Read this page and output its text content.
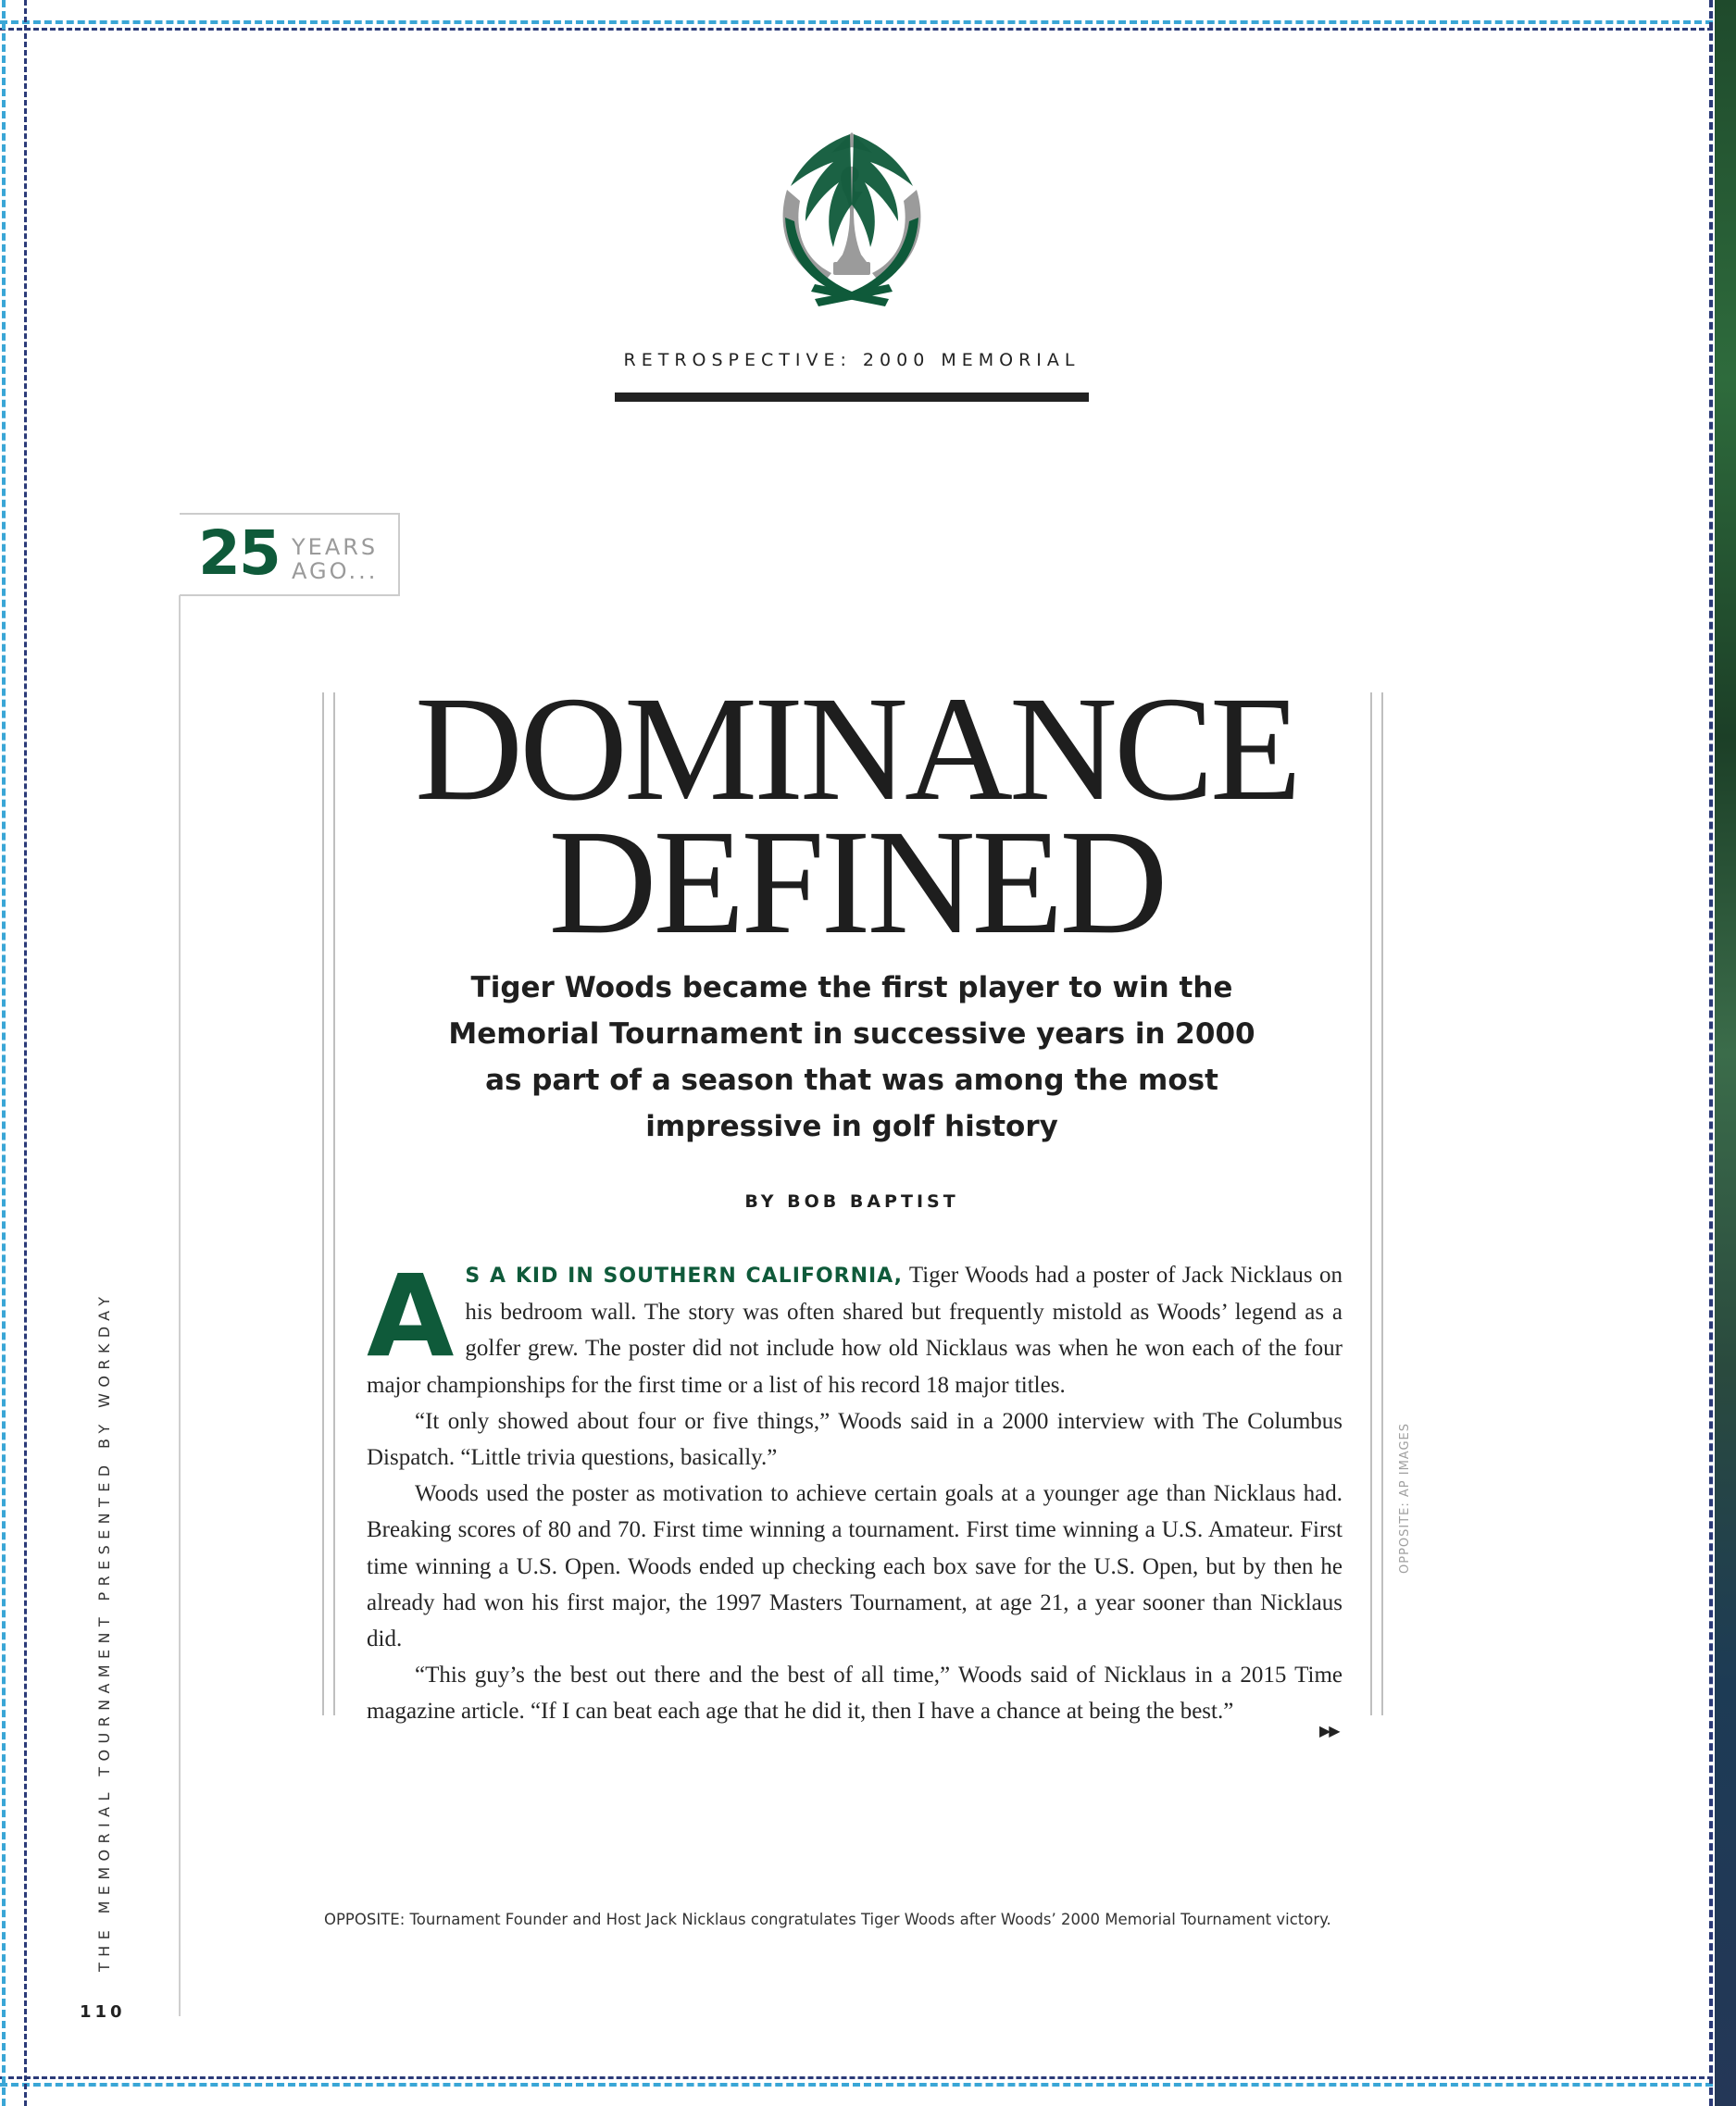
RETROSPECTIVE: 2000 MEMORIAL
25 YEARS
AGO...
DOMINANCE
DEFINED
Tiger Woods became the first player to win the Memorial Tournament in successive years in 2000 as part of a season that was among the most impressive in golf history
BY BOB BAPTIST

A S A KID IN SOUTHERN CALIFORNIA, Tiger Woods had a poster of Jack Nicklaus on his bedroom wall. The story was often shared but frequently mistold as Woods’ legend as a golfer grew. The poster did not include how old Nicklaus was when he won each of the four major championships for the first time or a list of his record 18 major titles.

“It only showed about four or five things,” Woods said in a 2000 interview with The Columbus Dispatch. “Little trivia questions, basically.”

Woods used the poster as motivation to achieve certain goals at a younger age than Nicklaus had. Breaking scores of 80 and 70. First time winning a tournament. First time winning a U.S. Amateur. First time winning a U.S. Open. Woods ended up checking each box save for the U.S. Open, but by then he already had won his first major, the 1997 Masters Tournament, at age 21, a year sooner than Nicklaus did.

“This guy’s the best out there and the best of all time,” Woods said of Nicklaus in a 2015 Time magazine article. “If I can beat each age that he did it, then I have a chance at being the best.”

▶▶
OPPOSITE: AP IMAGES
THE MEMORIAL TOURNAMENT PRESENTED BY WORKDAY	OPPOSITE: Tournament Founder and Host Jack Nicklaus congratulates Tiger Woods after Woods’ 2000 Memorial Tournament victory.
110
